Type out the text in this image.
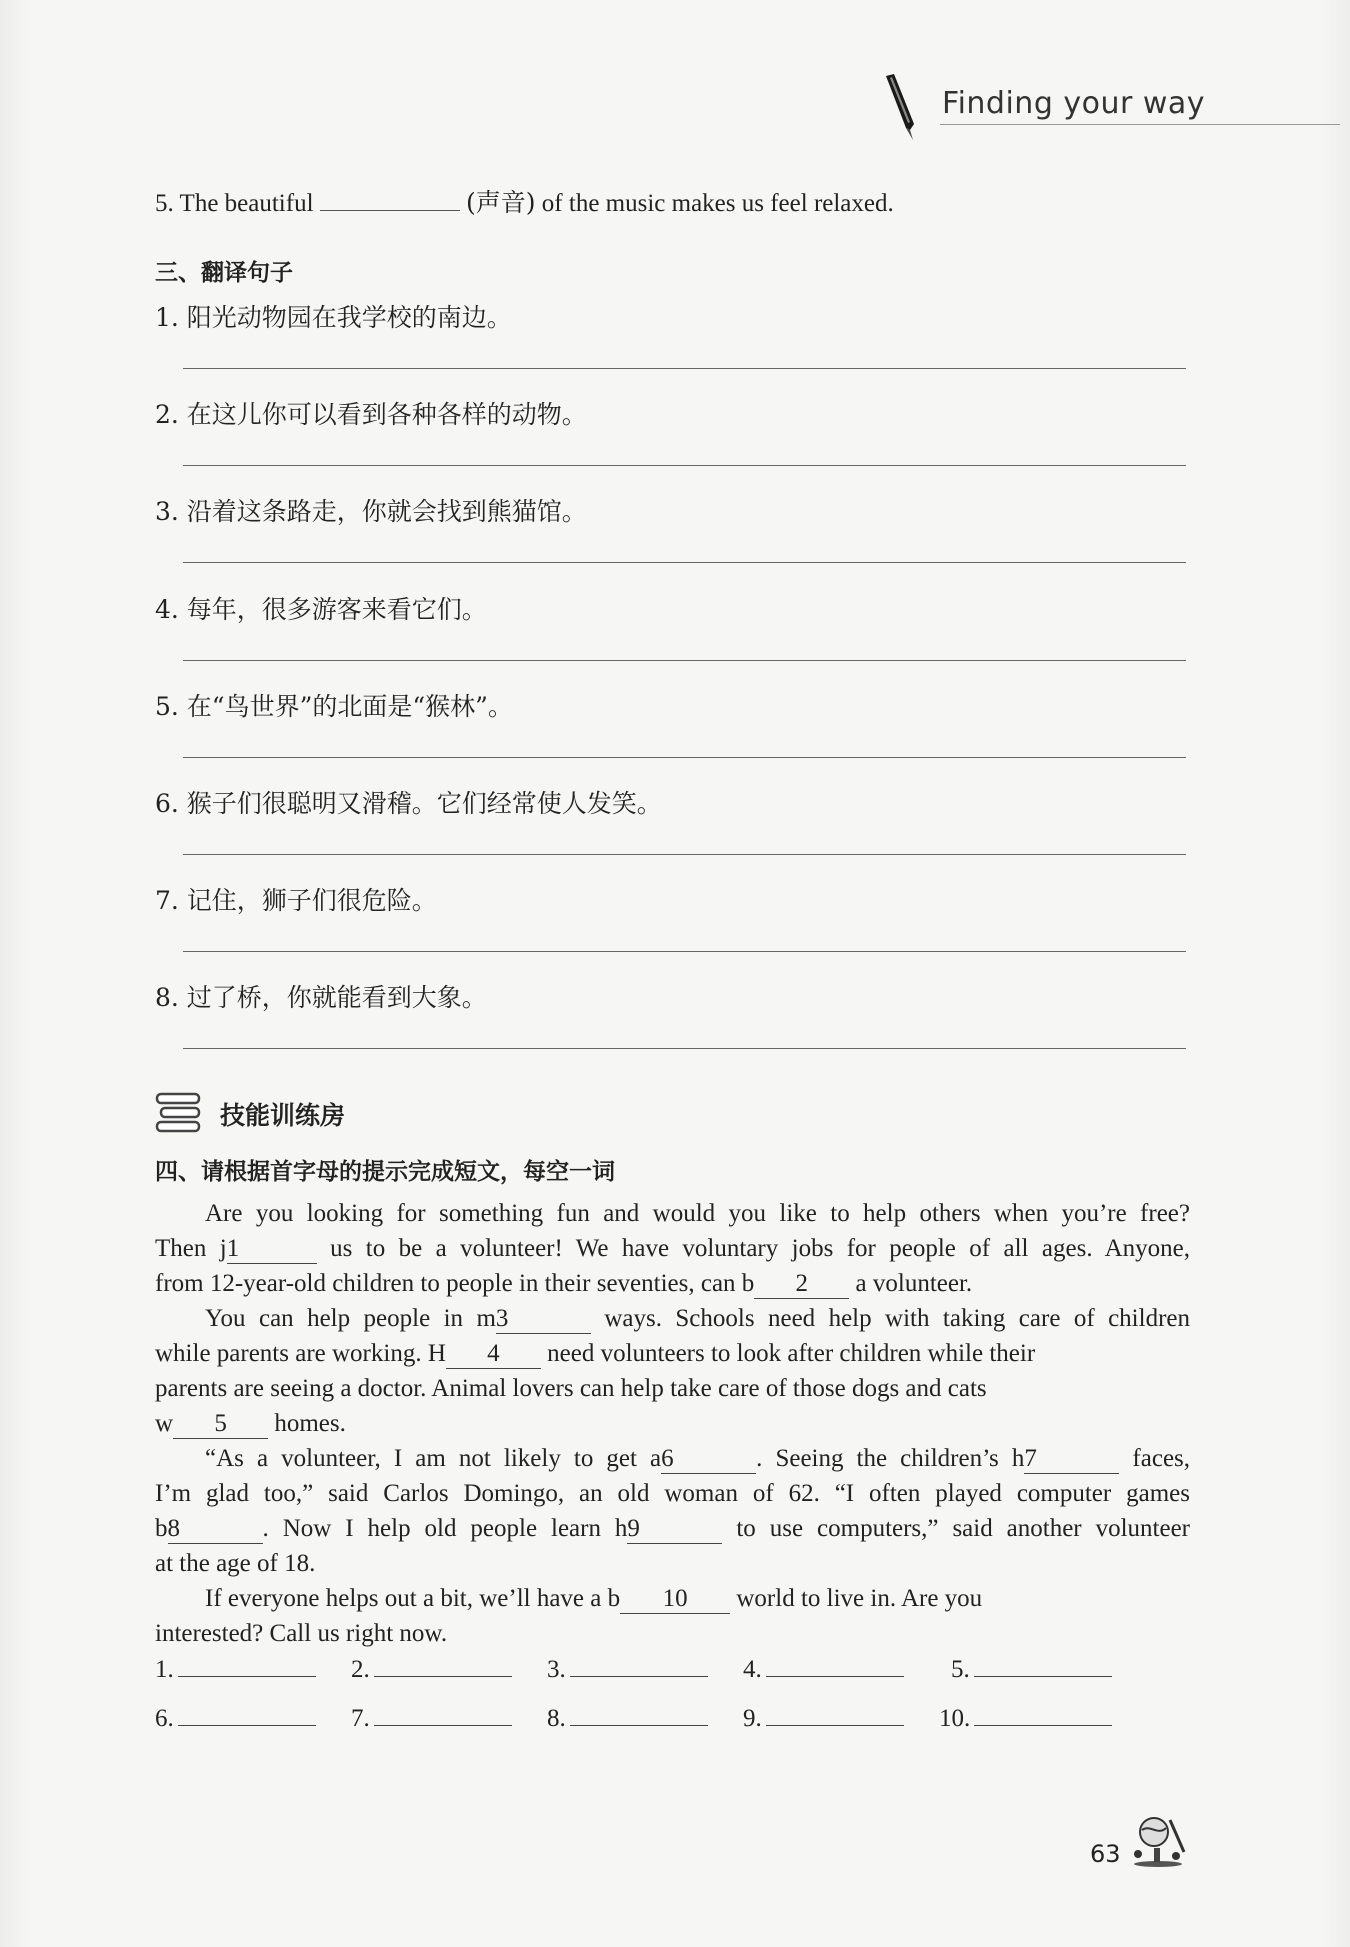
Finding your way
5. The beautiful	(声音) of the music makes us feel relaxed.
三、翻译句子
1. 阳光动物园在我学校的南边。
2. 在这儿你可以看到各种各样的动物。
3. 沿着这条路走，你就会找到熊猫馆。
4. 每年，很多游客来看它们。
5. 在“鸟世界”的北面是“猴林”。
6. 猴子们很聪明又滑稽。它们经常使人发笑。
7. 记住，狮子们很危险。
8. 过了桥，你就能看到大象。
技能训练房
四、请根据首字母的提示完成短文，每空一词

Are you looking for something fun and would you like to help others when you’re free?

Then j1	us to be a volunteer! We have voluntary jobs for people of all ages. Anyone,

from 12-year-old children to people in their seventies, can b 2 a volunteer.

You can help people in m3	ways. Schools need help with taking care of children

while parents are working. H 4 need volunteers to look after children while their

parents are seeing a doctor. Animal lovers can help take care of those dogs and cats

w 5 homes.

“As a volunteer, I am not likely to get a6	. Seeing the children’s h7	faces,

I’m glad too,” said Carlos Domingo, an old woman of 62. “I often played computer games

b8	. Now I help old people learn h9	to use computers,” said another volunteer

at the age of 18.

If everyone helps out a bit, we’ll have a b 10 world to live in. Are you

interested? Call us right now.

1.	2.	3.	4.	5.
6.	7.	8.	9.	10.
63
